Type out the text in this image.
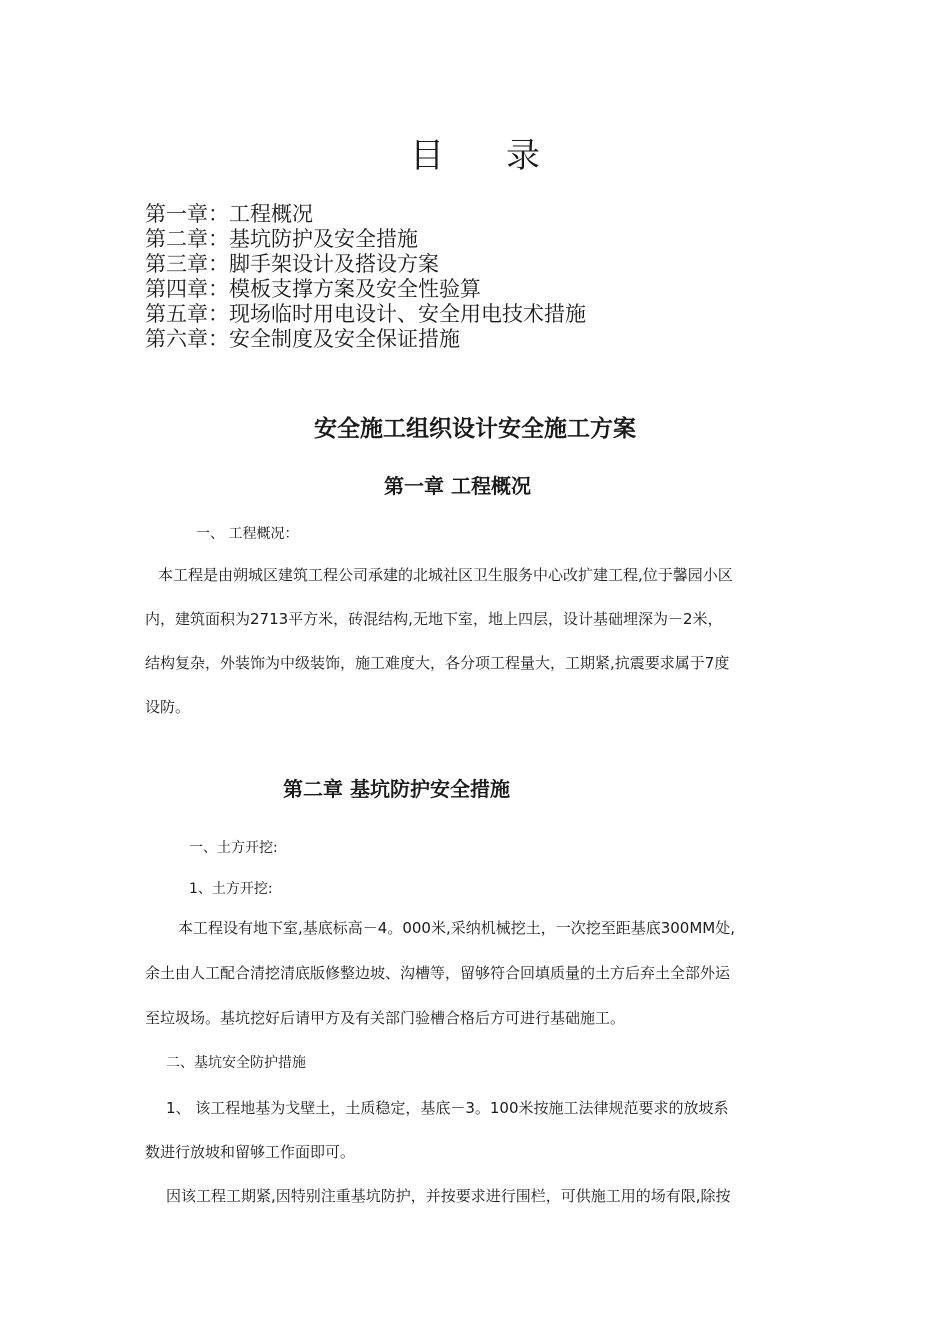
目 录
第一章：工程概况
第二章：基坑防护及安全措施
第三章：脚手架设计及搭设方案
第四章：模板支撑方案及安全性验算
第五章：现场临时用电设计、安全用电技术措施
第六章：安全制度及安全保证措施
安全施工组织设计安全施工方案
第一章 工程概况
一、 工程概况：
本工程是由朔城区建筑工程公司承建的北城社区卫生服务中心改扩建工程,位于馨园小区
内，建筑面积为2713平方米，砖混结构,无地下室，地上四层，设计基础埋深为－2米，
结构复杂，外装饰为中级装饰，施工难度大，各分项工程量大，工期紧,抗震要求属于7度
设防。
第二章 基坑防护安全措施
一、土方开挖:
1、土方开挖:
本工程设有地下室,基底标高－4。000米,采纳机械挖土，一次挖至距基底300MM处,
余土由人工配合清挖清底版修整边坡、沟槽等，留够符合回填质量的土方后弃土全部外运
至垃圾场。基坑挖好后请甲方及有关部门验槽合格后方可进行基础施工。
二、基坑安全防护措施
1、 该工程地基为戈壁土，土质稳定，基底－3。100米按施工法律规范要求的放坡系
数进行放坡和留够工作面即可。
因该工程工期紧,因特别注重基坑防护，并按要求进行围栏，可供施工用的场有限,除按
